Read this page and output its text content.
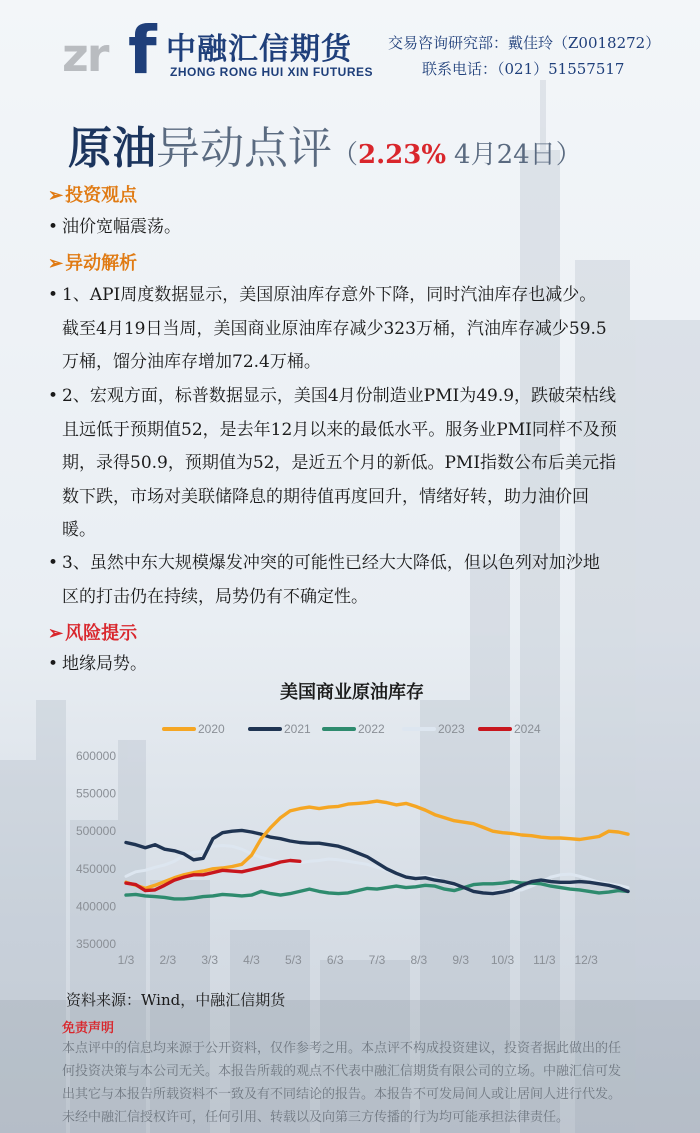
zr f 中融汇信期货
ZHONG RONG HUI XIN FUTURES
交易咨询研究部：戴佳玲（Z0018272）
联系电话：（021）51557517
原油异动点评（2.23% 4月24日）
➢ 投资观点
• 油价宽幅震荡。
➢ 异动解析
• 1、API周度数据显示，美国原油库存意外下降，同时汽油库存也减少。
截至4月19日当周，美国商业原油库存减少323万桶，汽油库存减少59.5
万桶，馏分油库存增加72.4万桶。
• 2、宏观方面，标普数据显示，美国4月份制造业PMI为49.9，跌破荣枯线
且远低于预期值52，是去年12月以来的最低水平。服务业PMI同样不及预
期，录得50.9，预期值为52，是近五个月的新低。PMI指数公布后美元指
数下跌，市场对美联储降息的期待值再度回升，情绪好转，助力油价回
暖。
• 3、虽然中东大规模爆发冲突的可能性已经大大降低，但以色列对加沙地
区的打击仍在持续，局势仍有不确定性。
➢ 风险提示
• 地缘局势。
美国商业原油库存
2020	2021	2022	2023	2024
600000
550000
500000
450000
400000
350000
1/3 2/3 3/3 4/3 5/3 6/3 7/3 8/3 9/3 10/3 11/3 12/3
资料来源：Wind，中融汇信期货
免责声明
本点评中的信息均来源于公开资料，仅作参考之用。本点评不构成投资建议，投资者据此做出的任
何投资决策与本公司无关。本报告所载的观点不代表中融汇信期货有限公司的立场。中融汇信可发
出其它与本报告所载资料不一致及有不同结论的报告。本报告不可发局间人或让居间人进行代发。
未经中融汇信授权许可，任何引用、转载以及向第三方传播的行为均可能承担法律责任。
